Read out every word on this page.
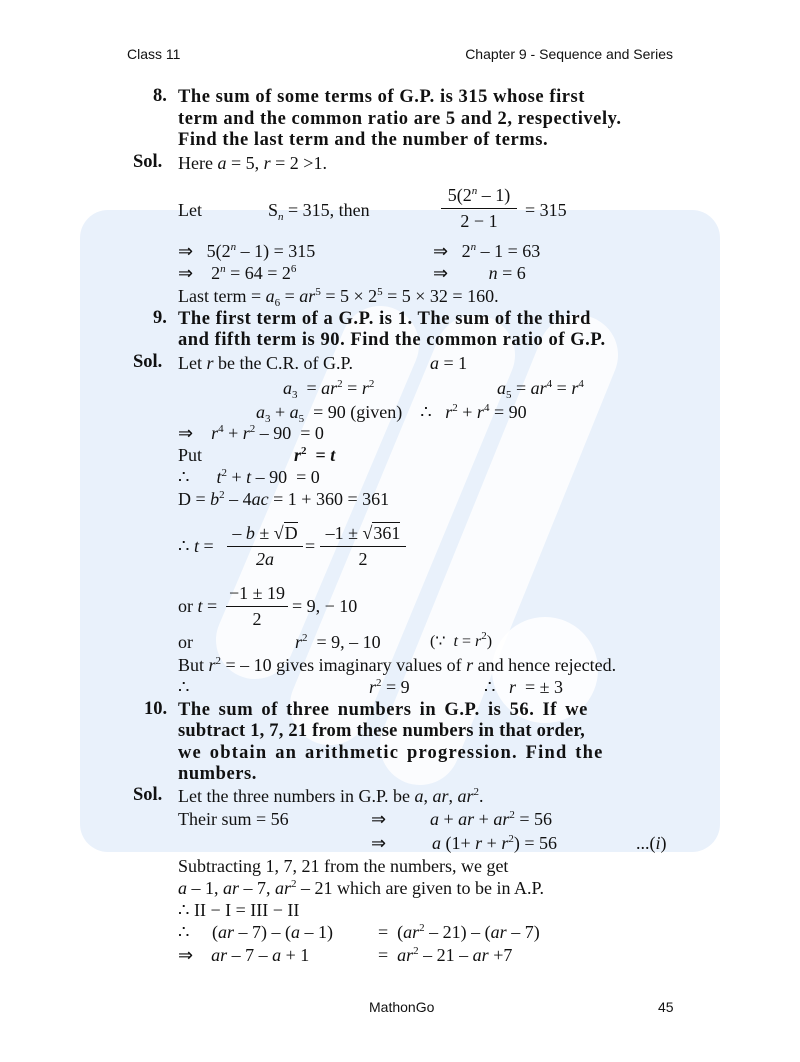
Class 11	Chapter 9 - Sequence and Series
8. The sum of some terms of G.P. is 315 whose first
term and the common ratio are 5 and 2, respectively.
Find the last term and the number of terms.
Sol. Here a = 5, r = 2 >1.
Let	$S_n = 315$, then	$\frac{5(2^n - 1)}{2 - 1} = 315$
⇒   5(2$^n$ – 1) = 315	⇒   2$^n$ – 1 = 63
⇒    $2^n = 64 = 2^6$	⇒         n = 6
Last term = $a_6 = ar^5 = 5 \times 2^5 = 5 \times 32 = 160$.
9. The first term of a G.P. is 1. The sum of the third
and fifth term is 90. Find the common ratio of G.P.
Sol. Let r be the C.R. of G.P.	a = 1
$a_3 = ar^2 = r^2$	$a_5 = ar^4 = r^4$
$a_3 + a_5 = 90$ (given)    ∴   $r^2 + r^4 = 90$
⇒    $r^4 + r^2 - 90 = 0$
Put	$r^2 = t$
∴      $t^2 + t - 90 = 0$
$D = b^2 - 4ac = 1 + 360 = 361$
∴ $t = \frac{- b \pm √D}{2a} = \frac{-1 \pm √361}{2}$
or $t = \frac{-1 \pm 19}{2} = 9$, − 10
or	$r^2 = 9$, – 10	(∵  $t = r^2$)
But $r^2$ = – 10 gives imaginary values of r and hence rejected.
∴	$r^2 = 9$	∴   r  = ± 3
10. The sum of three numbers in G.P. is 56. If we
subtract 1, 7, 21 from these numbers in that order,
we obtain an arithmetic progression. Find the
numbers.
Sol. Let the three numbers in G.P. be a, ar, $ar^2$.
Their sum = 56	⇒ a + ar + $ar^2 = 56$
⇒	a $(1+ r + r^2) = 56$	...(i)
Subtracting 1, 7, 21 from the numbers, we get
a – 1, ar – 7, $ar^2 - 21$ which are given to be in A.P.
∴ II − I = III − II
∴     (ar – 7) – (a – 1)	=  $(ar^2 - 21) - (ar - 7)$
⇒    ar – 7 – a + 1	=  $ar^2 - 21$ – ar +7
MathonGo	45
